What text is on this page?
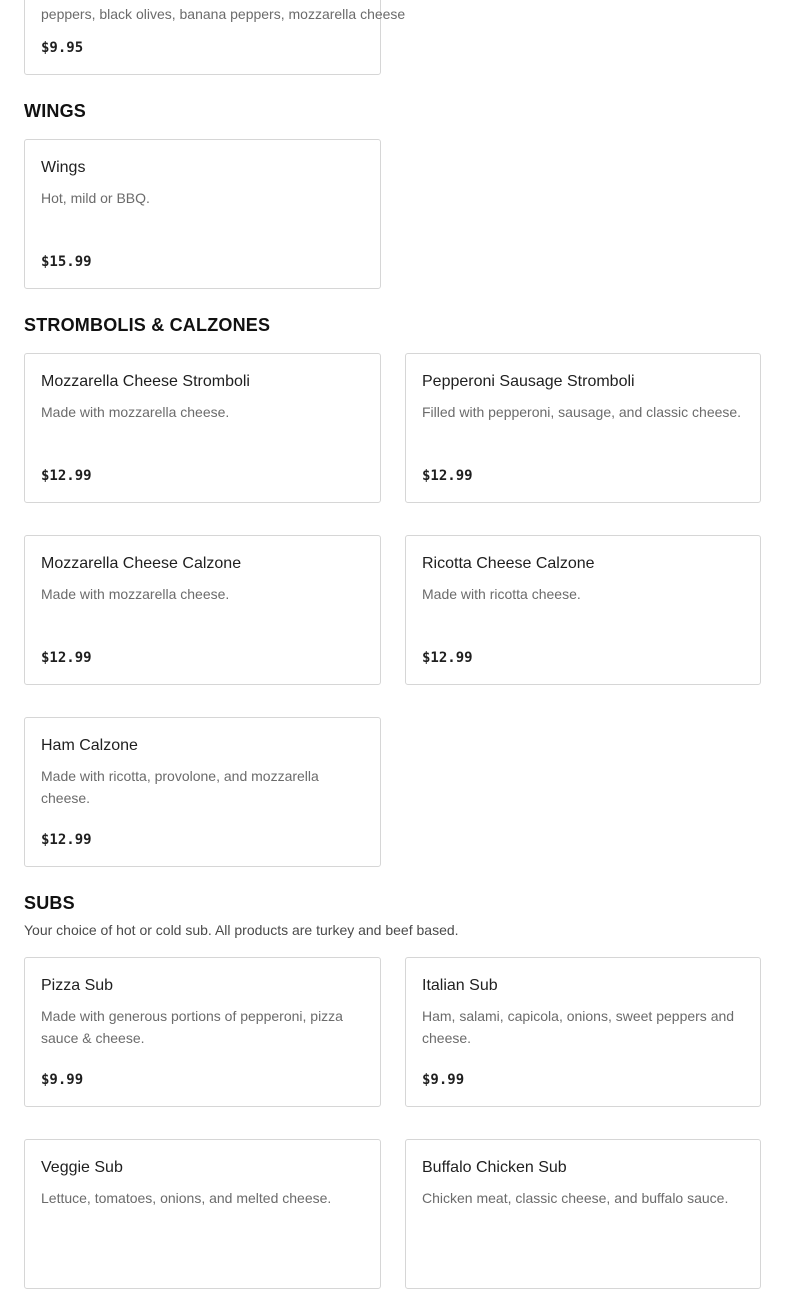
peppers, black olives, banana peppers, mozzarella cheese
$9.95
WINGS
Wings
Hot, mild or BBQ.
$15.99
STROMBOLIS & CALZONES
Mozzarella Cheese Stromboli
Made with mozzarella cheese.
$12.99
Pepperoni Sausage Stromboli
Filled with pepperoni, sausage, and classic cheese.
$12.99
Mozzarella Cheese Calzone
Made with mozzarella cheese.
$12.99
Ricotta Cheese Calzone
Made with ricotta cheese.
$12.99
Ham Calzone
Made with ricotta, provolone, and mozzarella cheese.
$12.99
SUBS
Your choice of hot or cold sub. All products are turkey and beef based.
Pizza Sub
Made with generous portions of pepperoni, pizza sauce & cheese.
$9.99
Italian Sub
Ham, salami, capicola, onions, sweet peppers and cheese.
$9.99
Veggie Sub
Lettuce, tomatoes, onions, and melted cheese.
Buffalo Chicken Sub
Chicken meat, classic cheese, and buffalo sauce.
